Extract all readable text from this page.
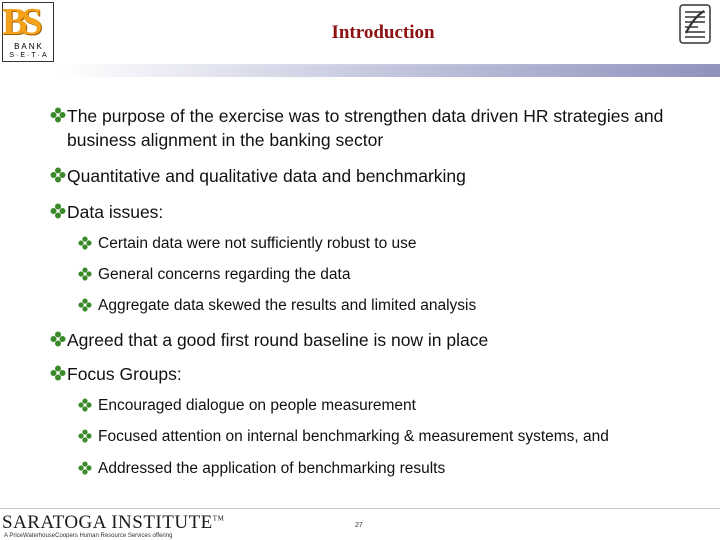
BS
BANK
S·E·T·A
Introduction
Resolve
The purpose of the exercise was to strengthen data driven HR strategies and business alignment in the banking sector
Quantitative and qualitative data and benchmarking
Data issues:
Certain data were not sufficiently robust to use
General concerns regarding the data
Aggregate data skewed the results and limited analysis
Agreed that a good first round baseline is now in place
Focus Groups:
Encouraged dialogue on people measurement
Focused attention on internal benchmarking & measurement systems, and
Addressed the application of benchmarking results
SARATOGA INSTITUTE™
A PriceWaterhouseCoopers Human Resource Services offering
27
Copyright © Resolve 2004
